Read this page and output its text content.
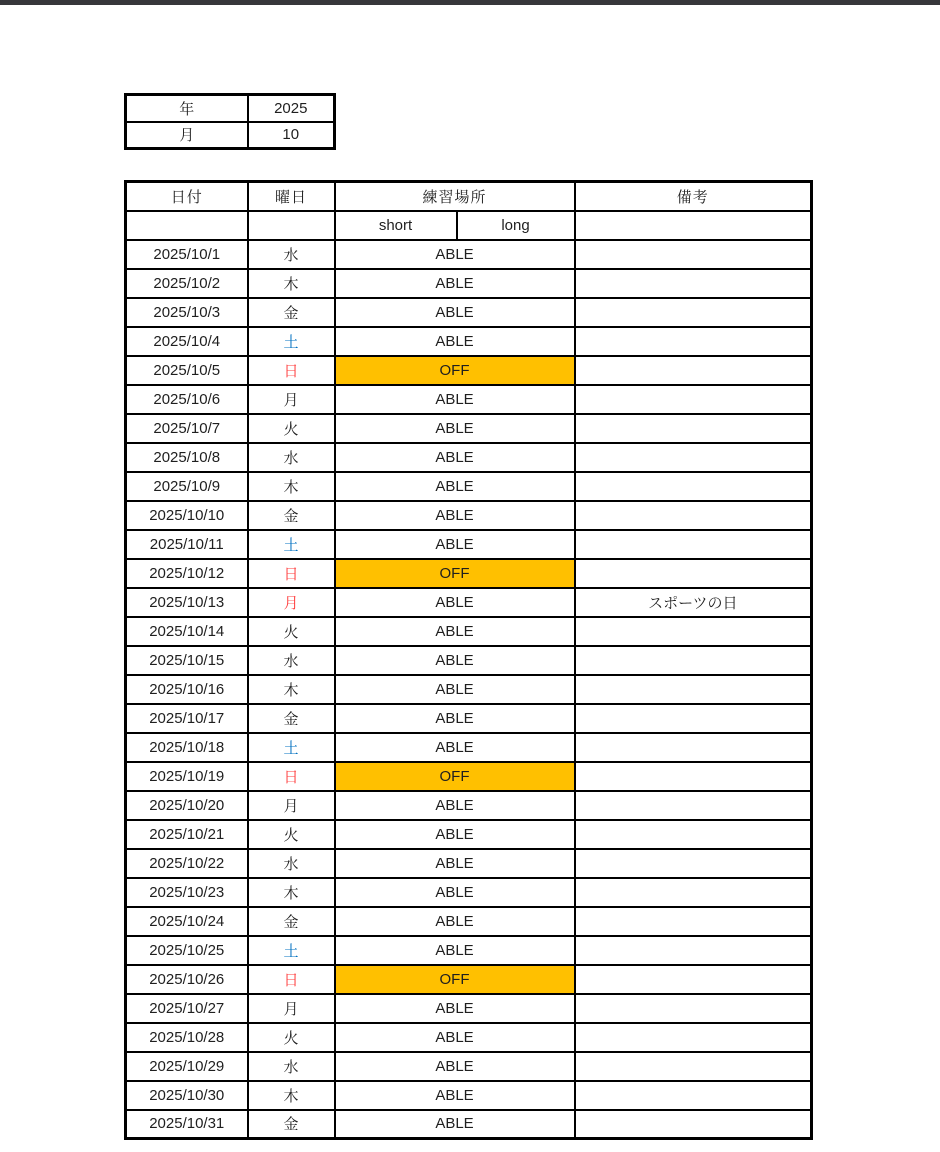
年	2025
月	10
日付	曜日	練習場所		備考
		short	long	
2025/10/1	水	ABLE		
2025/10/2	木	ABLE		
2025/10/3	金	ABLE		
2025/10/4	土	ABLE		
2025/10/5	日	OFF		
2025/10/6	月	ABLE		
2025/10/7	火	ABLE		
2025/10/8	水	ABLE		
2025/10/9	木	ABLE		
2025/10/10	金	ABLE		
2025/10/11	土	ABLE		
2025/10/12	日	OFF		
2025/10/13	月	ABLE		スポーツの日
2025/10/14	火	ABLE		
2025/10/15	水	ABLE		
2025/10/16	木	ABLE		
2025/10/17	金	ABLE		
2025/10/18	土	ABLE		
2025/10/19	日	OFF		
2025/10/20	月	ABLE		
2025/10/21	火	ABLE		
2025/10/22	水	ABLE		
2025/10/23	木	ABLE		
2025/10/24	金	ABLE		
2025/10/25	土	ABLE		
2025/10/26	日	OFF		
2025/10/27	月	ABLE		
2025/10/28	火	ABLE		
2025/10/29	水	ABLE		
2025/10/30	木	ABLE		
2025/10/31	金	ABLE		
